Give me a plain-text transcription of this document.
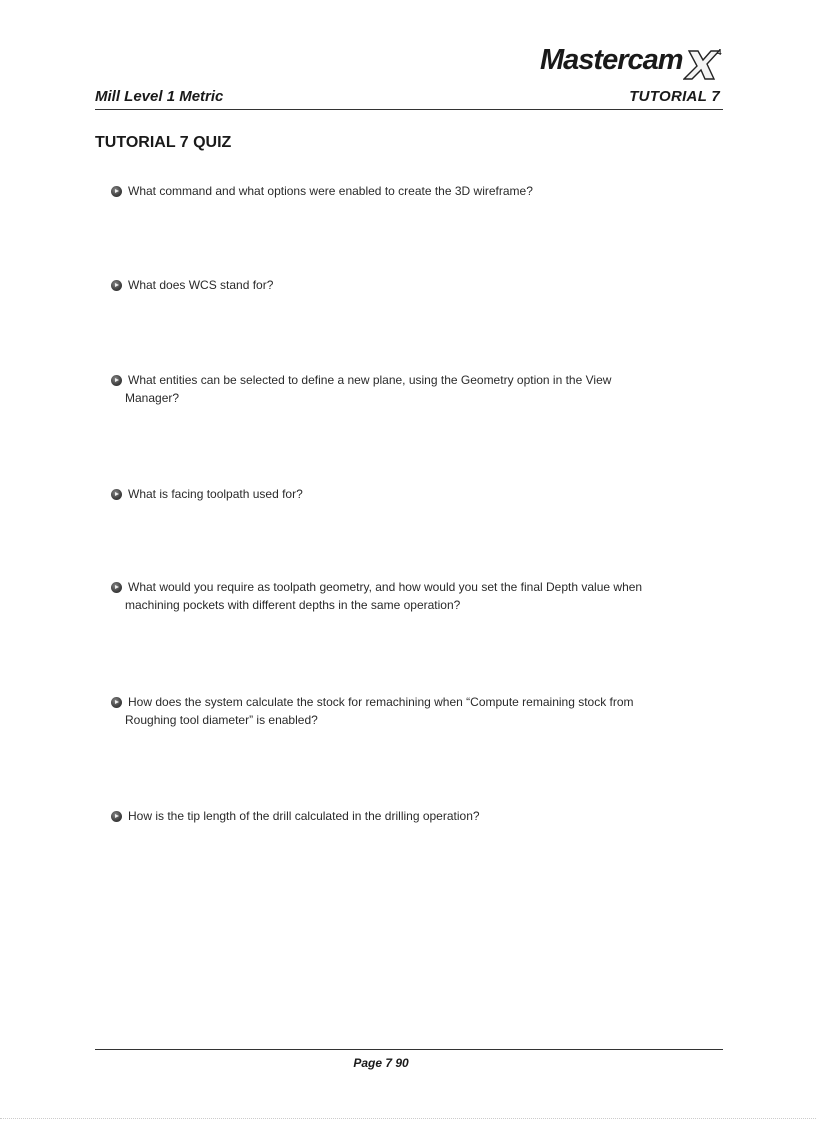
Mastercam	4
Mill Level 1 Metric	TUTORIAL 7
TUTORIAL 7 QUIZ
What command and what options were enabled to create the 3D wireframe?
What does WCS stand for?
What entities can be selected to define a new plane, using the Geometry option in the View
Manager?
What is facing toolpath used for?
What would you require as toolpath geometry, and how would you set the final Depth value when
machining pockets with different depths in the same operation?
How does the system calculate the stock for remachining when “Compute remaining stock from
Roughing tool diameter” is enabled?
How is the tip length of the drill calculated in the drilling operation?
Page 7 90
